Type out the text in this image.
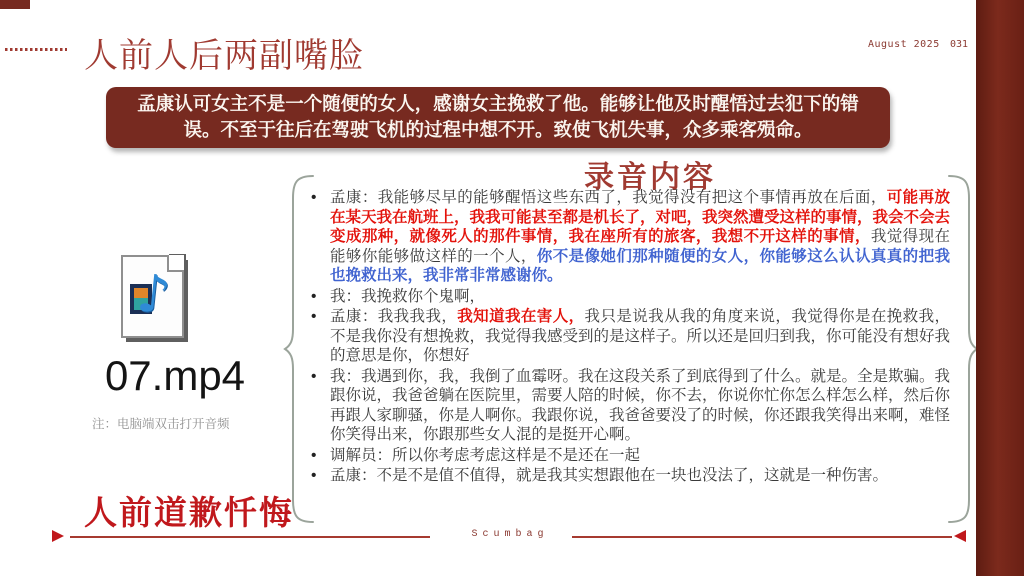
人前人后两副嘴脸	August 2025 031
孟康认可女主不是一个随便的女人，感谢女主挽救了他。能够让他及时醒悟过去犯下的错误。不至于往后在驾驶飞机的过程中想不开。致使飞机失事，众多乘客殒命。
录音内容
• 孟康：我能够尽早的能够醒悟这些东西了，我觉得没有把这个事情再放在后面，可能再放在某天我在航班上，我我可能甚至都是机长了，对吧，我突然遭受这样的事情，我会不会去变成那种，就像死人的那件事情，我在座所有的旅客，我想不开这样的事情，我觉得现在能够你能够做这样的一个人，你不是像她们那种随便的女人，你能够这么认认真真的把我也挽救出来，我非常非常感谢你。
• 我：我挽救你个鬼啊，
• 孟康：我我我我，我知道我在害人，我只是说我从我的角度来说，我觉得你是在挽救我，不是我你没有想挽救，我觉得我感受到的是这样子。所以还是回归到我，你可能没有想好我的意思是你，你想好
• 我：我遇到你，我，我倒了血霉呀。我在这段关系了到底得到了什么。就是。全是欺骗。我跟你说，我爸爸躺在医院里，需要人陪的时候，你不去，你说你忙你怎么样怎么样，然后你再跟人家聊骚，你是人啊你。我跟你说，我爸爸要没了的时候，你还跟我笑得出来啊，难怪你笑得出来，你跟那些女人混的是挺开心啊。
• 调解员：所以你考虑考虑这样是不是还在一起
• 孟康：不是不是值不值得，就是我其实想跟他在一块也没法了，这就是一种伤害。
♪
07.mp4
注：电脑端双击打开音频
人前道歉忏悔
Scumbag
